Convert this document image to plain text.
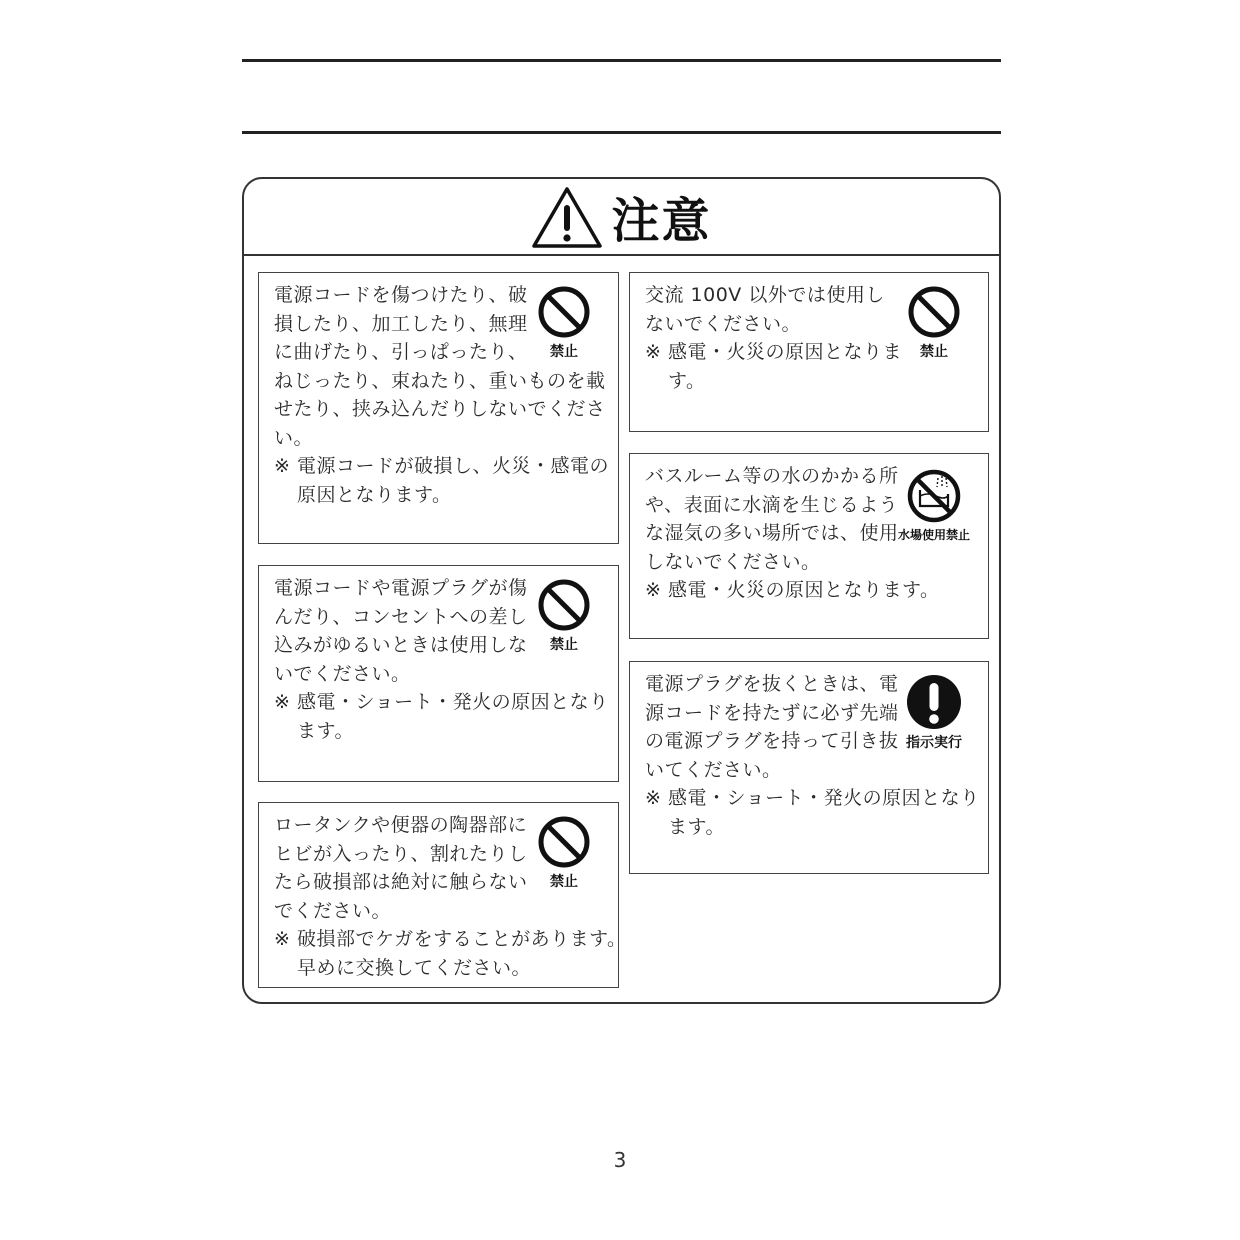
注意
電源コードを傷つけたり、破
損したり、加工したり、無理
に曲げたり、引っぱったり、
ねじったり、束ねたり、重いものを載
せたり、挟み込んだりしないでくださ
い。
※ 電源コードが破損し、火災・感電の
原因となります。
禁止
電源コードや電源プラグが傷
んだり、コンセントへの差し
込みがゆるいときは使用しな
いでください。
※ 感電・ショート・発火の原因となり
ます。
禁止
ロータンクや便器の陶器部に
ヒビが入ったり、割れたりし
たら破損部は絶対に触らない
でください。
※ 破損部でケガをすることがあります。
早めに交換してください。
禁止
交流 100V 以外では使用し
ないでください。
※ 感電・火災の原因となりま
す。
禁止
バスルーム等の水のかかる所
や、表面に水滴を生じるよう
な湿気の多い場所では、使用
しないでください。
※ 感電・火災の原因となります。
水場使用禁止
電源プラグを抜くときは、電
源コードを持たずに必ず先端
の電源プラグを持って引き抜
いてください。
※ 感電・ショート・発火の原因となり
ます。
指示実行
3
